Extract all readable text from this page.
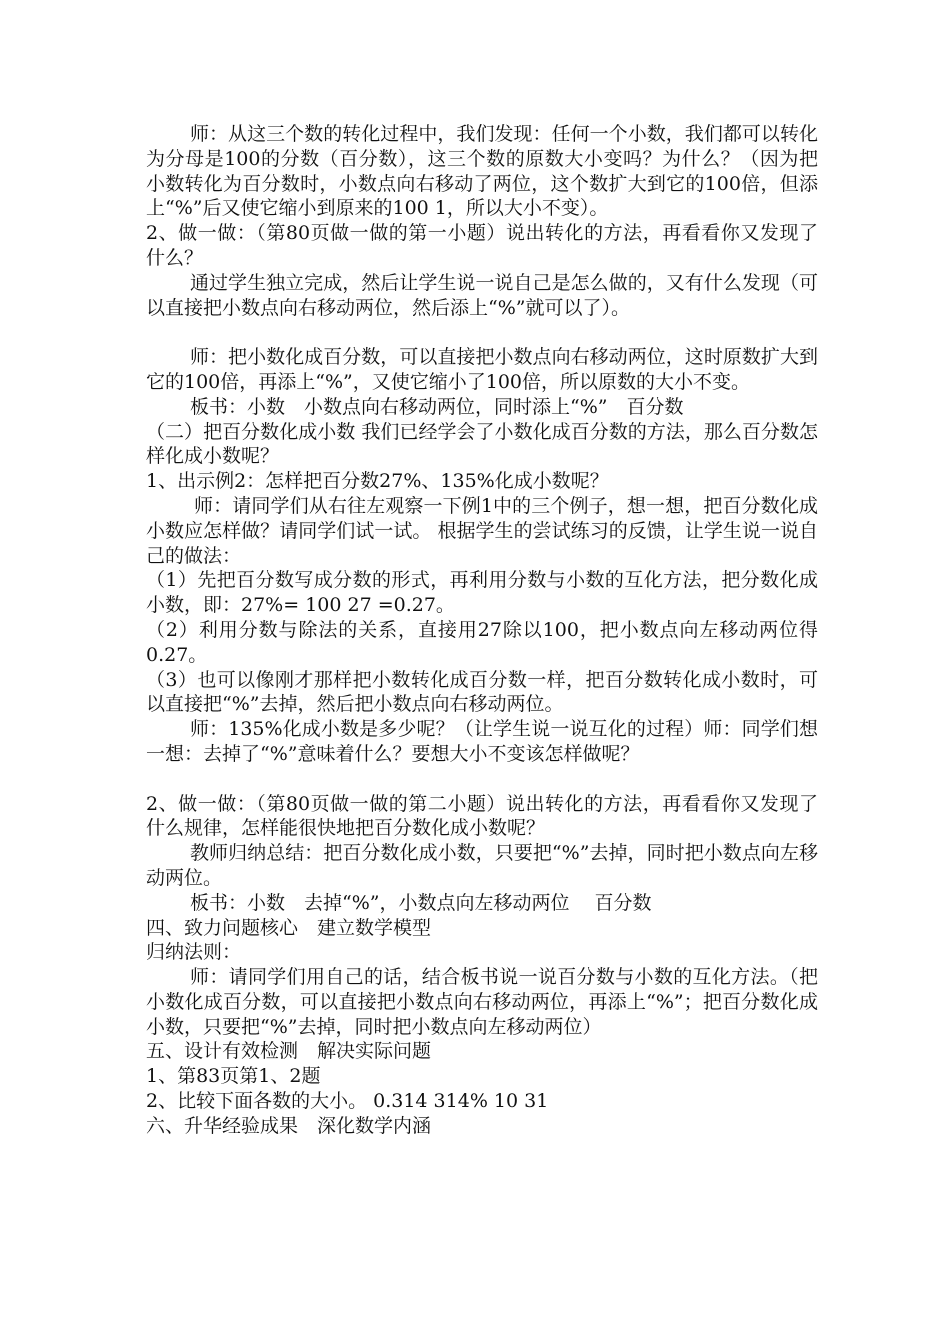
师：从这三个数的转化过程中，我们发现：任何一个小数，我们都可以转化为分母是100的分数（百分数），这三个数的原数大小变吗？为什么？（因为把小数转化为百分数时，小数点向右移动了两位，这个数扩大到它的100倍，但添上“%”后又使它缩小到原来的100 1，所以大小不变）。

2、做一做：（第80页做一做的第一小题）说出转化的方法，再看看你又发现了什么？

通过学生独立完成，然后让学生说一说自己是怎么做的，又有什么发现（可以直接把小数点向右移动两位，然后添上“%”就可以了）。

师：把小数化成百分数，可以直接把小数点向右移动两位，这时原数扩大到它的100倍，再添上“%”，又使它缩小了100倍，所以原数的大小不变。

板书：小数　小数点向右移动两位，同时添上“%”　百分数

（二）把百分数化成小数 我们已经学会了小数化成百分数的方法，那么百分数怎样化成小数呢？

1、出示例2：怎样把百分数27%、135%化成小数呢？

师：请同学们从右往左观察一下例1中的三个例子，想一想，把百分数化成小数应怎样做？请同学们试一试。 根据学生的尝试练习的反馈，让学生说一说自己的做法：

（1）先把百分数写成分数的形式，再利用分数与小数的互化方法，把分数化成小数，即：27%= 100 27 =0.27。

（2）利用分数与除法的关系，直接用27除以100，把小数点向左移动两位得0.27。

（3）也可以像刚才那样把小数转化成百分数一样，把百分数转化成小数时，可以直接把“%”去掉，然后把小数点向右移动两位。

师：135%化成小数是多少呢？（让学生说一说互化的过程）师：同学们想一想：去掉了“%”意味着什么？要想大小不变该怎样做呢？

2、做一做：（第80页做一做的第二小题）说出转化的方法，再看看你又发现了什么规律，怎样能很快地把百分数化成小数呢？

教师归纳总结：把百分数化成小数，只要把“%”去掉，同时把小数点向左移动两位。

板书：小数　去掉“%”，小数点向左移动两位　 百分数

四、致力问题核心　建立数学模型

归纳法则：

师：请同学们用自己的话，结合板书说一说百分数与小数的互化方法。（把小数化成百分数，可以直接把小数点向右移动两位，再添上“%”；把百分数化成小数，只要把“%”去掉，同时把小数点向左移动两位）

五、设计有效检测　解决实际问题

1、第83页第1、2题

2、比较下面各数的大小。 0.314 314% 10 31

六、升华经验成果　深化数学内涵
